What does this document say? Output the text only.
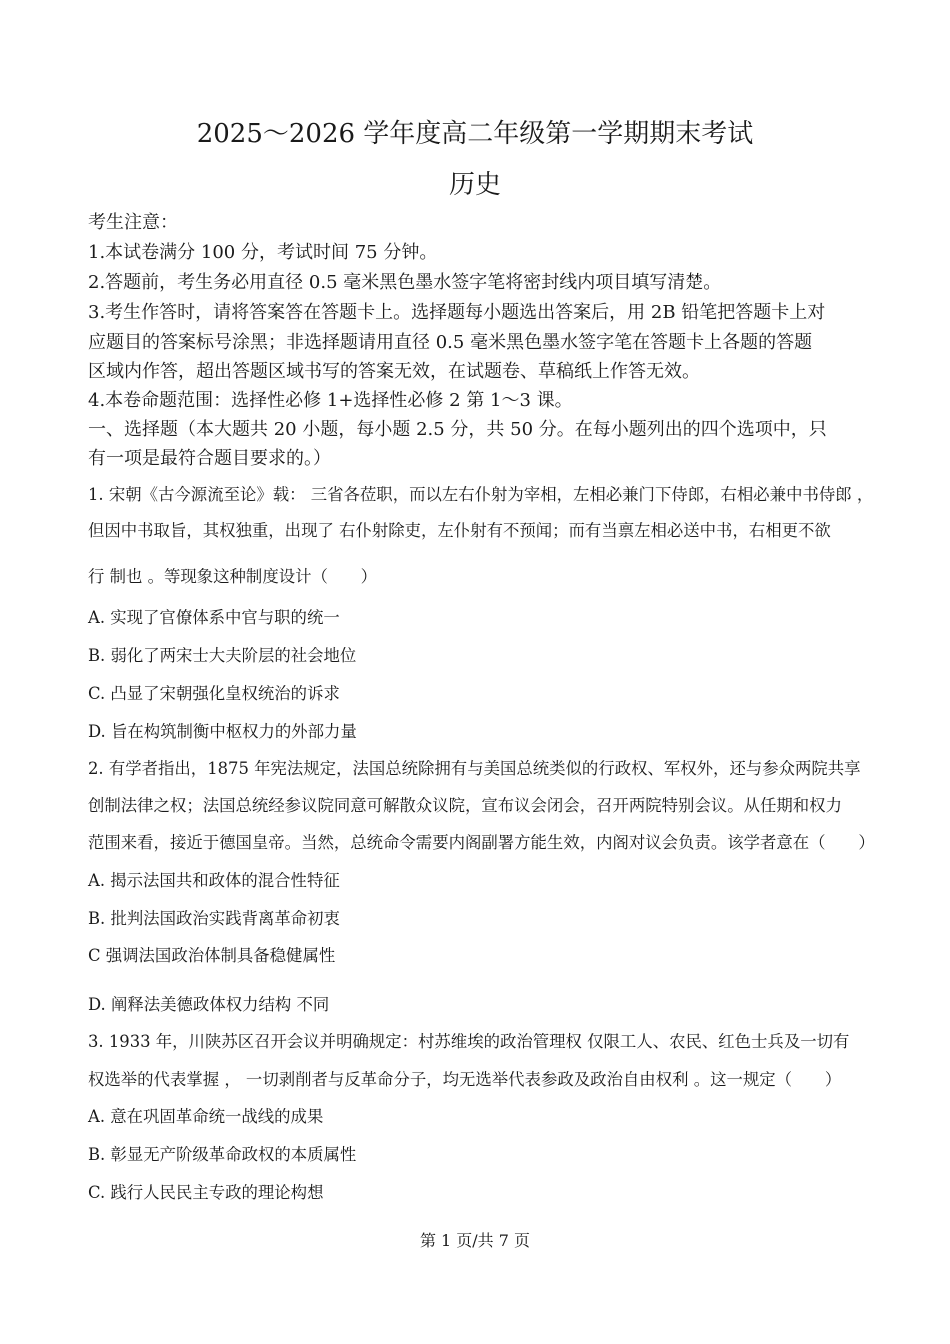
2025～2026 学年度高二年级第一学期期末考试
历史
考生注意：
1.本试卷满分 100 分，考试时间 75 分钟。
2.答题前，考生务必用直径 0.5 毫米黑色墨水签字笔将密封线内项目填写清楚。
3.考生作答时，请将答案答在答题卡上。选择题每小题选出答案后，用 2B 铅笔把答题卡上对
应题目的答案标号涂黑；非选择题请用直径 0.5 毫米黑色墨水签字笔在答题卡上各题的答题
区域内作答，超出答题区域书写的答案无效，在试题卷、草稿纸上作答无效。
4.本卷命题范围：选择性必修 1+选择性必修 2 第 1～3 课。
一、选择题（本大题共 20 小题，每小题 2.5 分，共 50 分。在每小题列出的四个选项中，只
有一项是最符合题目要求的。）
1. 宋朝《古今源流至论》载： 三省各莅职，而以左右仆射为宰相，左相必兼门下侍郎，右相必兼中书侍郎 ，
但因中书取旨，其权独重，出现了 右仆射除吏，左仆射有不预闻；而有当禀左相必送中书，右相更不欲
行 制也 。等现象这种制度设计（　　）
A. 实现了官僚体系中官与职的统一
B. 弱化了两宋士大夫阶层的社会地位
C. 凸显了宋朝强化皇权统治的诉求
D. 旨在构筑制衡中枢权力的外部力量
2. 有学者指出，1875 年宪法规定，法国总统除拥有与美国总统类似的行政权、军权外，还与参众两院共享
创制法律之权；法国总统经参议院同意可解散众议院，宣布议会闭会，召开两院特别会议。从任期和权力
范围来看，接近于德国皇帝。当然，总统命令需要内阁副署方能生效，内阁对议会负责。该学者意在（　　）
A. 揭示法国共和政体的混合性特征
B. 批判法国政治实践背离革命初衷
C 强调法国政治体制具备稳健属性
D. 阐释法美德政体权力结构 不同
3. 1933 年，川陕苏区召开会议并明确规定：村苏维埃的政治管理权 仅限工人、农民、红色士兵及一切有
权选举的代表掌握 ， 一切剥削者与反革命分子，均无选举代表参政及政治自由权利 。这一规定（　　）
A. 意在巩固革命统一战线的成果
B. 彰显无产阶级革命政权的本质属性
C. 践行人民民主专政的理论构想
第 1 页/共 7 页
